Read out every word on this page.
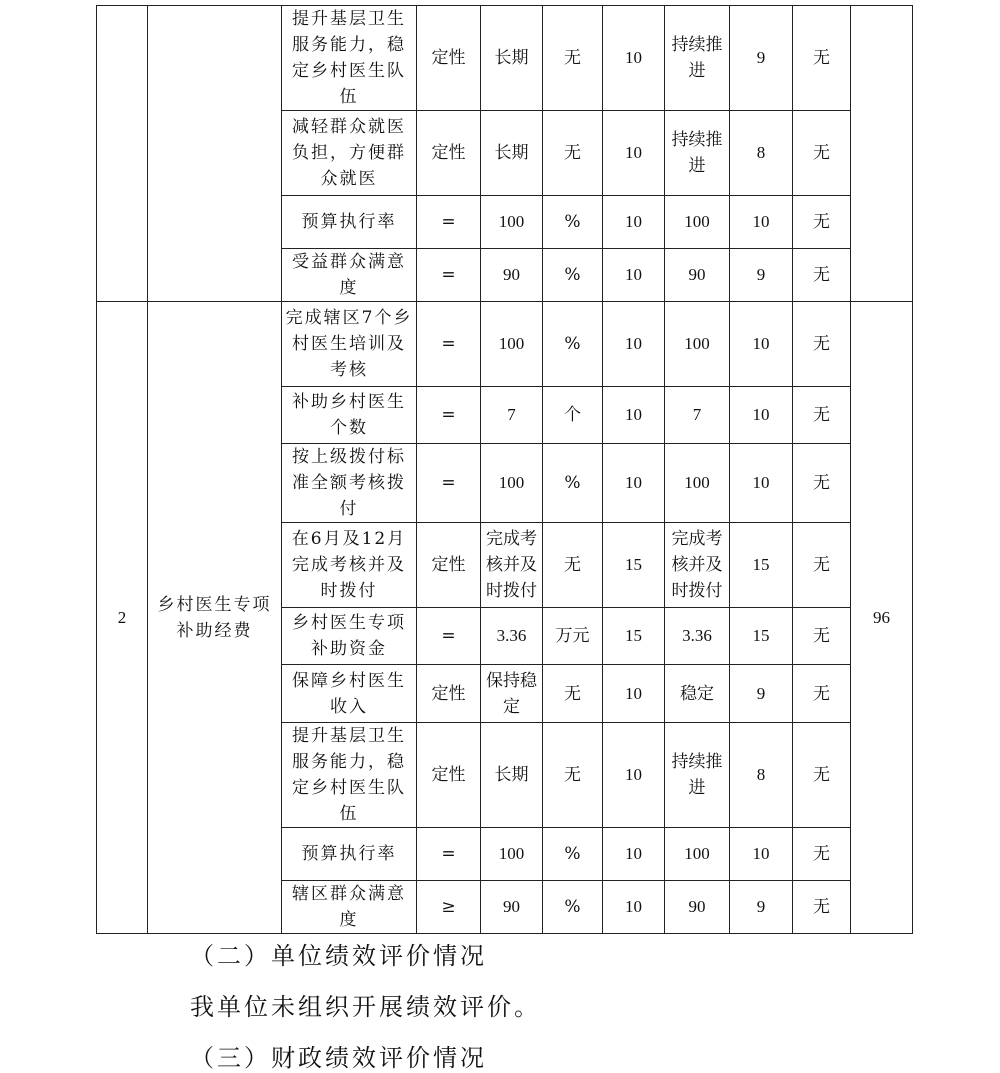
		提升基层卫生服务能力，稳定乡村医生队伍	定性	长期	无	10	持续推进	9	无	
		减轻群众就医负担，方便群众就医	定性	长期	无	10	持续推进	8	无	
		预算执行率	=	100	%	10	100	10	无	
		受益群众满意度	=	90	%	10	90	9	无	
2	乡村医生专项补助经费	完成辖区7个乡村医生培训及考核	=	100	%	10	100	10	无	96
		补助乡村医生个数	=	7	个	10	7	10	无	
		按上级拨付标准全额考核拨付	=	100	%	10	100	10	无	
		在6月及12月完成考核并及时拨付	定性	完成考核并及时拨付	无	15	完成考核并及时拨付	15	无	
		乡村医生专项补助资金	=	3.36	万元	15	3.36	15	无	
		保障乡村医生收入	定性	保持稳定	无	10	稳定	9	无	
		提升基层卫生服务能力，稳定乡村医生队伍	定性	长期	无	10	持续推进	8	无	
		预算执行率	=	100	%	10	100	10	无	
		辖区群众满意度	≥	90	%	10	90	9	无	
（二）单位绩效评价情况
我单位未组织开展绩效评价。
（三）财政绩效评价情况
